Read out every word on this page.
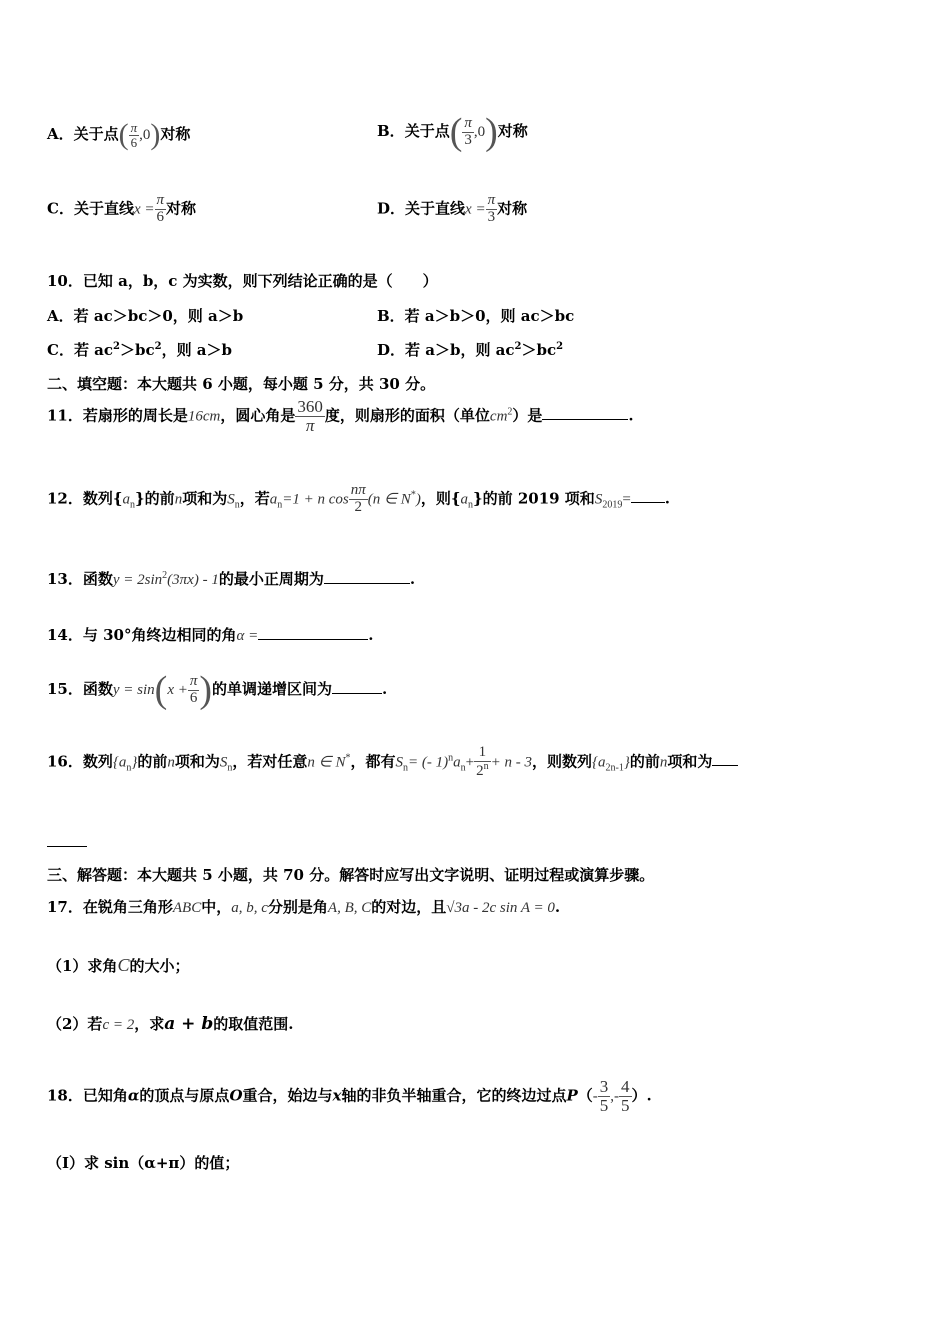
A．关于点( $\frac{\pi}{6} ,0$)对称	B．关于点( $\frac{\pi}{3} ,0$)对称
C．关于直线$x = \frac{\pi}{6}$ 对称	D．关于直线$x = \frac{\pi}{3}$ 对称
10．已知 a，b，c 为实数，则下列结论正确的是（　　）
A．若 ac＞bc＞0，则 a＞b	B．若 a＞b＞0，则 ac＞bc
C．若 $ac^2>bc^2$，则 a＞b	D．若 a＞b，则 $ac^2>bc^2$
二、填空题：本大题共 6 小题，每小题 5 分，共 30 分。
11．若扇形的周长是16cm，圆心角是 $\frac{360}{\pi}$ 度，则扇形的面积（单位$cm^2$）是	.
12．数列$\{a_n\}$的前n项和为$S_n$，若$a_n=1 + n$ $\cos \frac{n\pi}{2} (n$ ∈ N*)，则$\{a_n\}$的前 2019 项和$S_{2019}=$ .
13．函数$y = 2\sin^2(3\pi x) - 1$的最小正周期为	.
14．与 30°角终边相同的角α =	.
15．函数$y = \sin(x + \frac{\pi}{6}$ )的单调递增区间为	.
16．数列$\{a_n\}$的前n项和为$S_n$，若对任意n ∈ N*，都有$S_n=$ (- $1)^na_n+ \frac{1}{2^n} + n - 3$，则数列$\{a_{2n-1}\}$的前n项和为
三、解答题：本大题共 5 小题，共 70 分。解答时应写出文字说明、证明过程或演算步骤。
17．在锐角三角形ABC中，a, b, c分别是角A, B, C的对边，且√3a - 2c sin A = 0.
（1）求角C的大小；
（2）若c = 2，求a + b的取值范围.
18．已知角α的顶点与原点O重合，始边与x轴的非负半轴重合，它的终边过点$P(- \frac{3}{5}$ ,- $\frac{4}{5}$ ）.
（Ⅰ）求 sin（α+π）的值；
